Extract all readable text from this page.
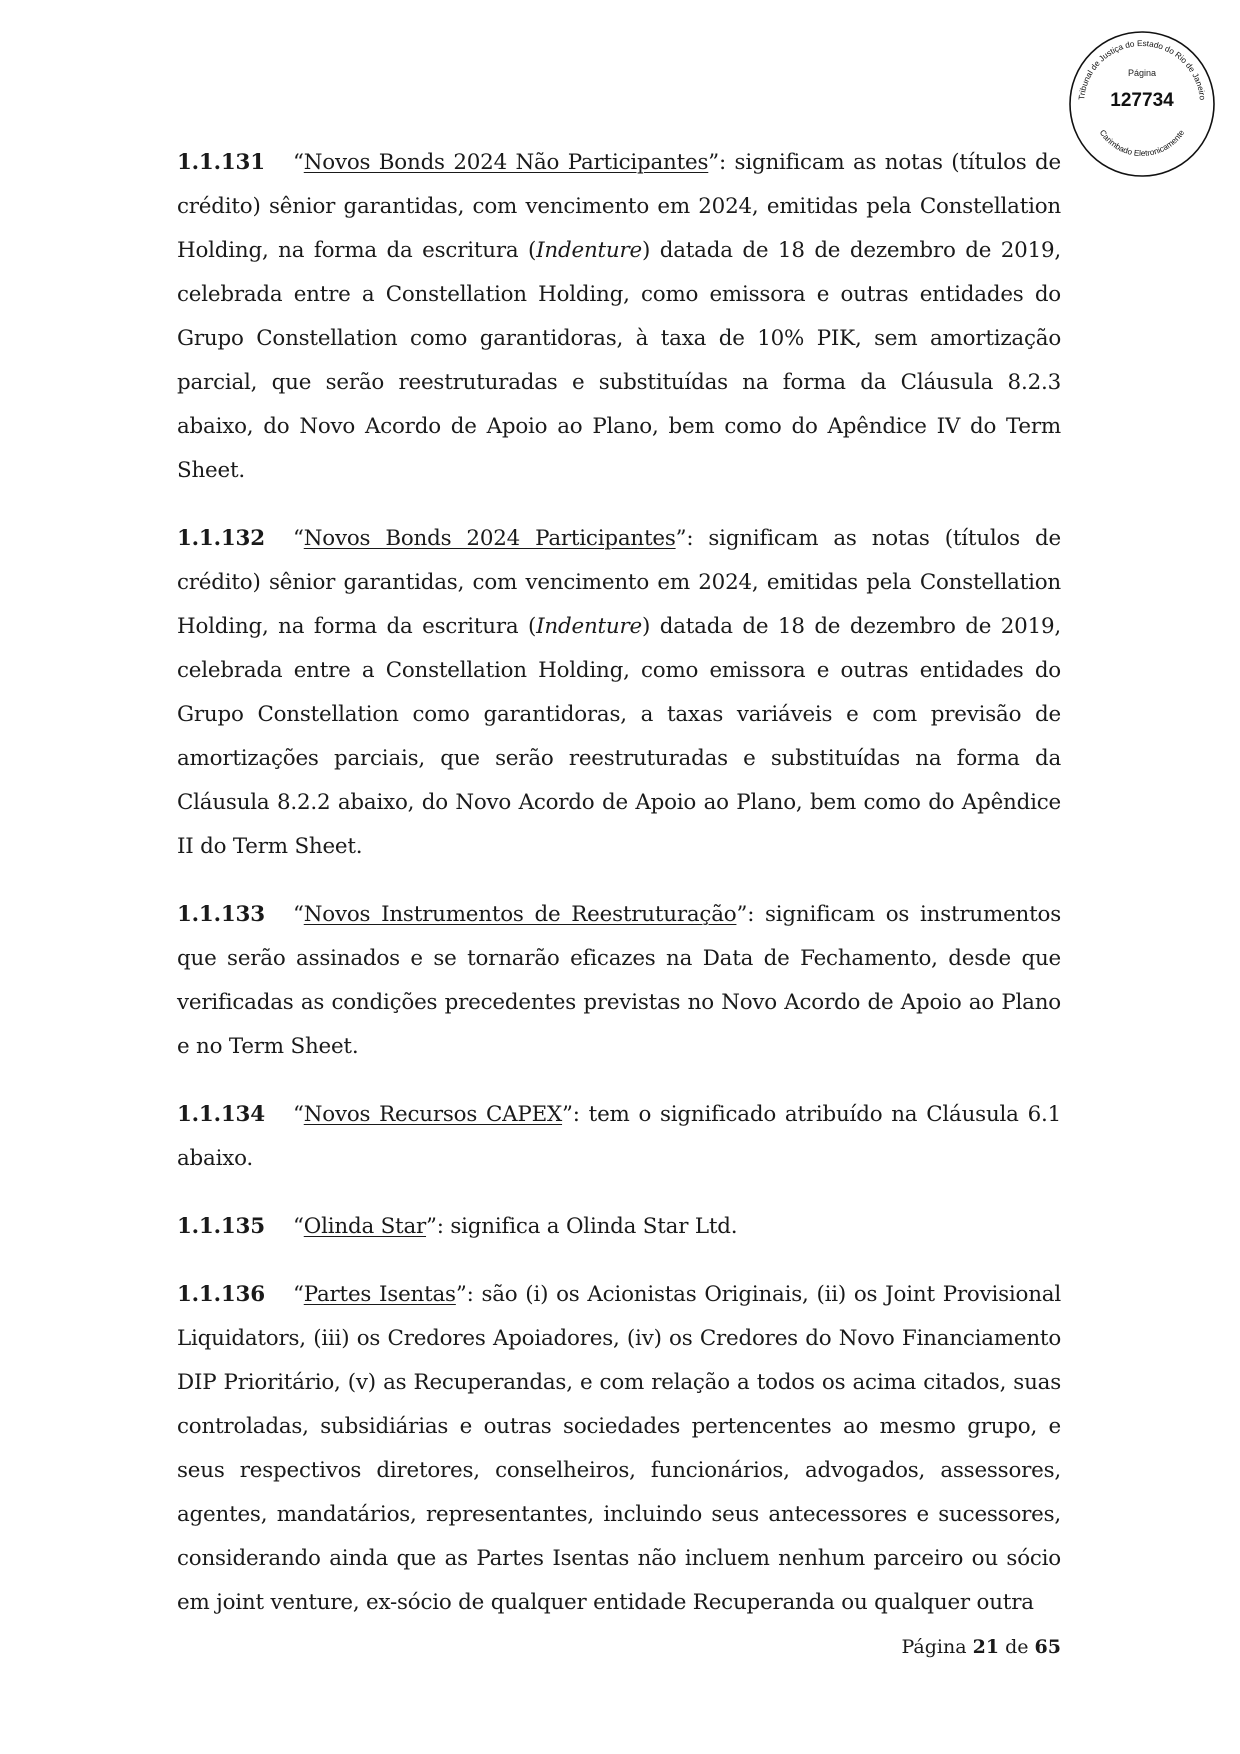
Tribunal de Justiça do Estado do Rio de Janeiro
Carimbado Eletronicamente
Página
127734

1.1.131 “Novos Bonds 2024 Não Participantes”: significam as notas (títulos de crédito) sênior garantidas, com vencimento em 2024, emitidas pela Constellation Holding, na forma da escritura (Indenture) datada de 18 de dezembro de 2019, celebrada entre a Constellation Holding, como emissora e outras entidades do Grupo Constellation como garantidoras, à taxa de 10% PIK, sem amortização parcial, que serão reestruturadas e substituídas na forma da Cláusula 8.2.3 abaixo, do Novo Acordo de Apoio ao Plano, bem como do Apêndice IV do Term Sheet.

1.1.132 “Novos Bonds 2024 Participantes”: significam as notas (títulos de crédito) sênior garantidas, com vencimento em 2024, emitidas pela Constellation Holding, na forma da escritura (Indenture) datada de 18 de dezembro de 2019, celebrada entre a Constellation Holding, como emissora e outras entidades do Grupo Constellation como garantidoras, a taxas variáveis e com previsão de amortizações parciais, que serão reestruturadas e substituídas na forma da Cláusula 8.2.2 abaixo, do Novo Acordo de Apoio ao Plano, bem como do Apêndice II do Term Sheet.

1.1.133 “Novos Instrumentos de Reestruturação”: significam os instrumentos que serão assinados e se tornarão eficazes na Data de Fechamento, desde que verificadas as condições precedentes previstas no Novo Acordo de Apoio ao Plano e no Term Sheet.

1.1.134 “Novos Recursos CAPEX”: tem o significado atribuído na Cláusula 6.1 abaixo.

1.1.135 “Olinda Star”: significa a Olinda Star Ltd.

1.1.136 “Partes Isentas”: são (i) os Acionistas Originais, (ii) os Joint Provisional Liquidators, (iii) os Credores Apoiadores, (iv) os Credores do Novo Financiamento DIP Prioritário, (v) as Recuperandas, e com relação a todos os acima citados, suas controladas, subsidiárias e outras sociedades pertencentes ao mesmo grupo, e seus respectivos diretores, conselheiros, funcionários, advogados, assessores, agentes, mandatários, representantes, incluindo seus antecessores e sucessores, considerando ainda que as Partes Isentas não incluem nenhum parceiro ou sócio em joint venture, ex-sócio de qualquer entidade Recuperanda ou qualquer outra

Página 21 de 65
